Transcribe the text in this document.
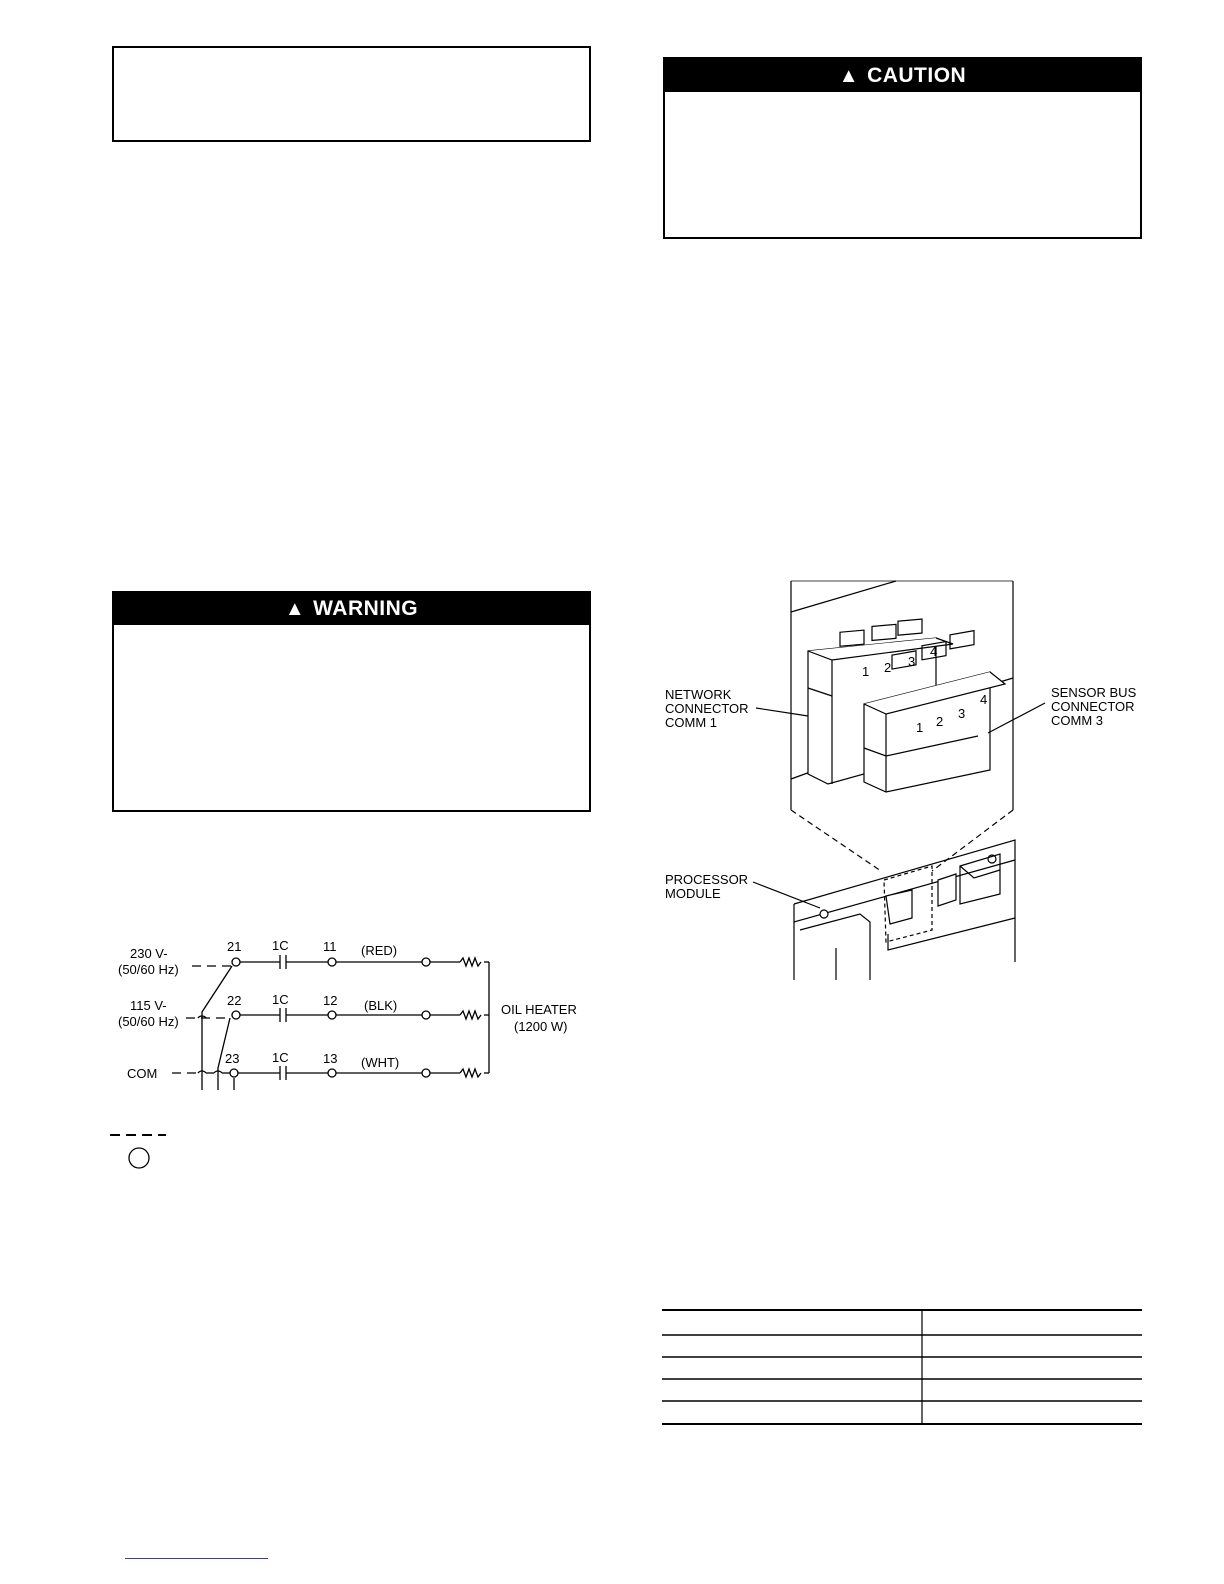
▲ CAUTION
▲ WARNING
230 V-
(50/60 Hz)
115 V-
(50/60 Hz)
COM
21
22
23
1C
1C
1C
11
12
13
(RED)
(BLK)
(WHT)
OIL HEATER
(1200 W)
1 2 3
4
1 2
3
4
NETWORK
CONNECTOR
COMM 1
SENSOR BUS
CONNECTOR
COMM 3
PROCESSOR
MODULE
